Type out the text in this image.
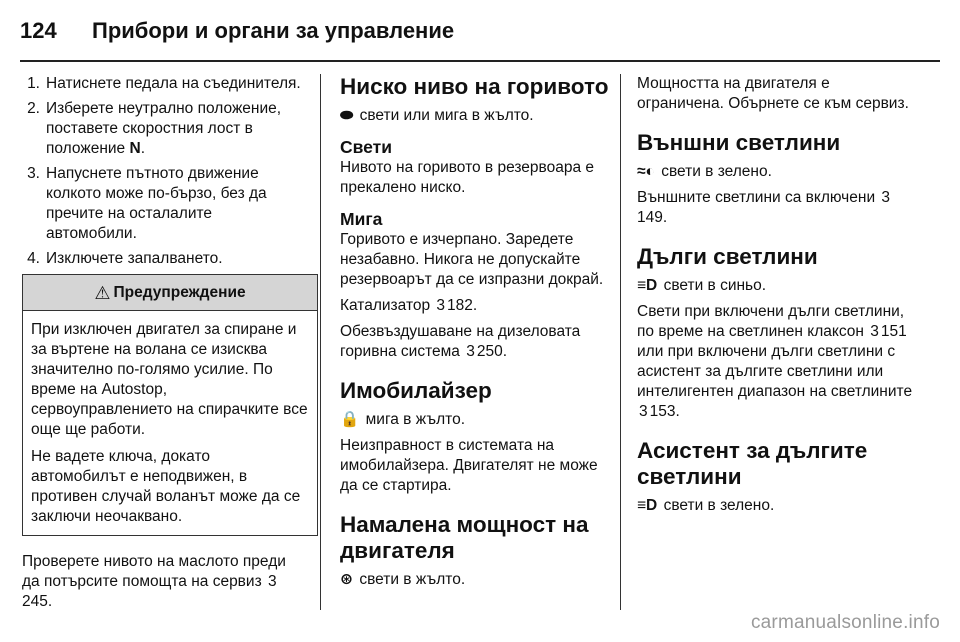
124	Прибори и органи за управление
1. Натиснете педала на съединителя.
2. Изберете неутрално положение, поставете скоростния лост в положение N.
3. Напуснете пътното движение колкото може по-бързо, без да пречите на осталалите автомобили.
4. Изключете запалването.
⚠ Предупреждение

При изключен двигател за спиране и за въртене на волана се изисква значително по-голямо усилие. По време на Autostop, сервоуправлението на спирачките все още ще работи.

Не вадете ключа, докато автомобилът е неподвижен, в противен случай воланът може да се заключи неочаквано.

Проверете нивото на маслото преди да потърсите помощта на сервиз 3245.

Ниско ниво на горивото

⬬ свети или мига в жълто.

Свети

Нивото на горивото в резервоара е прекалено ниско.

Мига

Горивото е изчерпано. Заредете незабавно. Никога не допускайте резервоарът да се изпразни докрай.

Катализатор 3 182.

Обезвъздушаване на дизеловата горивна система 3 250.

Имобилайзер

🔒 мига в жълто.

Неизправност в системата на имобилайзера. Двигателят не може да се стартира.

Намалена мощност на двигателя

⊛ свети в жълто.

Мощността на двигателя е ограничена. Обърнете се към сервиз.

Външни светлини

≈◐ свети в зелено.

Външните светлини са включени 3149.

Дълги светлини

≡D свети в синьо.

Свети при включени дълги светлини, по време на светлинен клаксон 3 151 или при включени дълги светлини с асистент за дългите светлини или интелигентен диапазон на светлините 3 153.

Асистент за дългите светлини

≡D свети в зелено.

carmanualsonline.info
